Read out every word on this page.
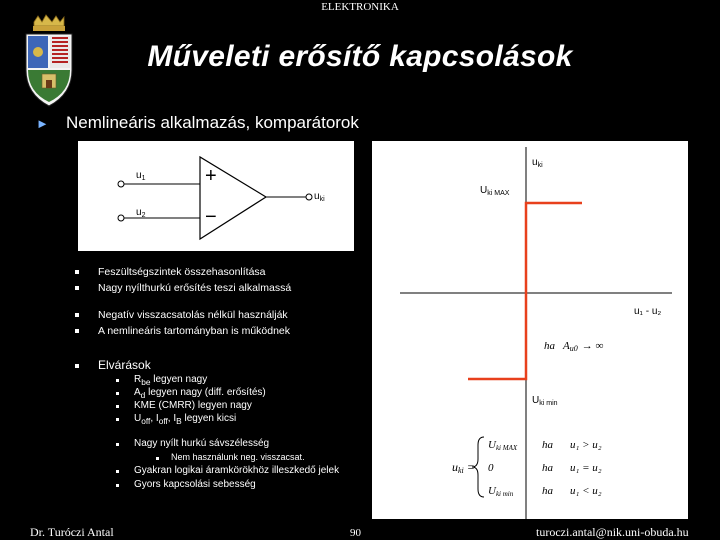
ELEKTRONIKA
Műveleti erősítő kapcsolások
► Nemlineáris alkalmazás, komparátorok
$u_1$
$u_2$
$u_{ki}$
+
−
$u_{ki}$
$U_{ki MAX}$
u₁ - u₂
ha Au0 → ∞
$U_{ki min}$
uki =
Uki MAX ha u₁ > u₂
0	ha u₁ = u₂
Uki min	ha u₁ < u₂
Feszültségszintek összehasonlítása
Nagy nyílthurkú erősítés teszi alkalmassá
Negatív visszacsatolás nélkül használják
A nemlineáris tartományban is működnek
Elvárások
$R_{be}$ legyen nagy
$A_d$ legyen nagy (diff. erősítés)
KME (CMRR) legyen nagy
$U_{off}$, $I_{off}$, $I_B$ legyen kicsi
Nagy nyílt hurkú sávszélesség
Nem használunk neg. visszacsat.
Gyakran logikai áramkörökhöz illeszkedő jelek
Gyors kapcsolási sebesség
Dr. Turóczi Antal	90	turoczi.antal@nik.uni-obuda.hu
